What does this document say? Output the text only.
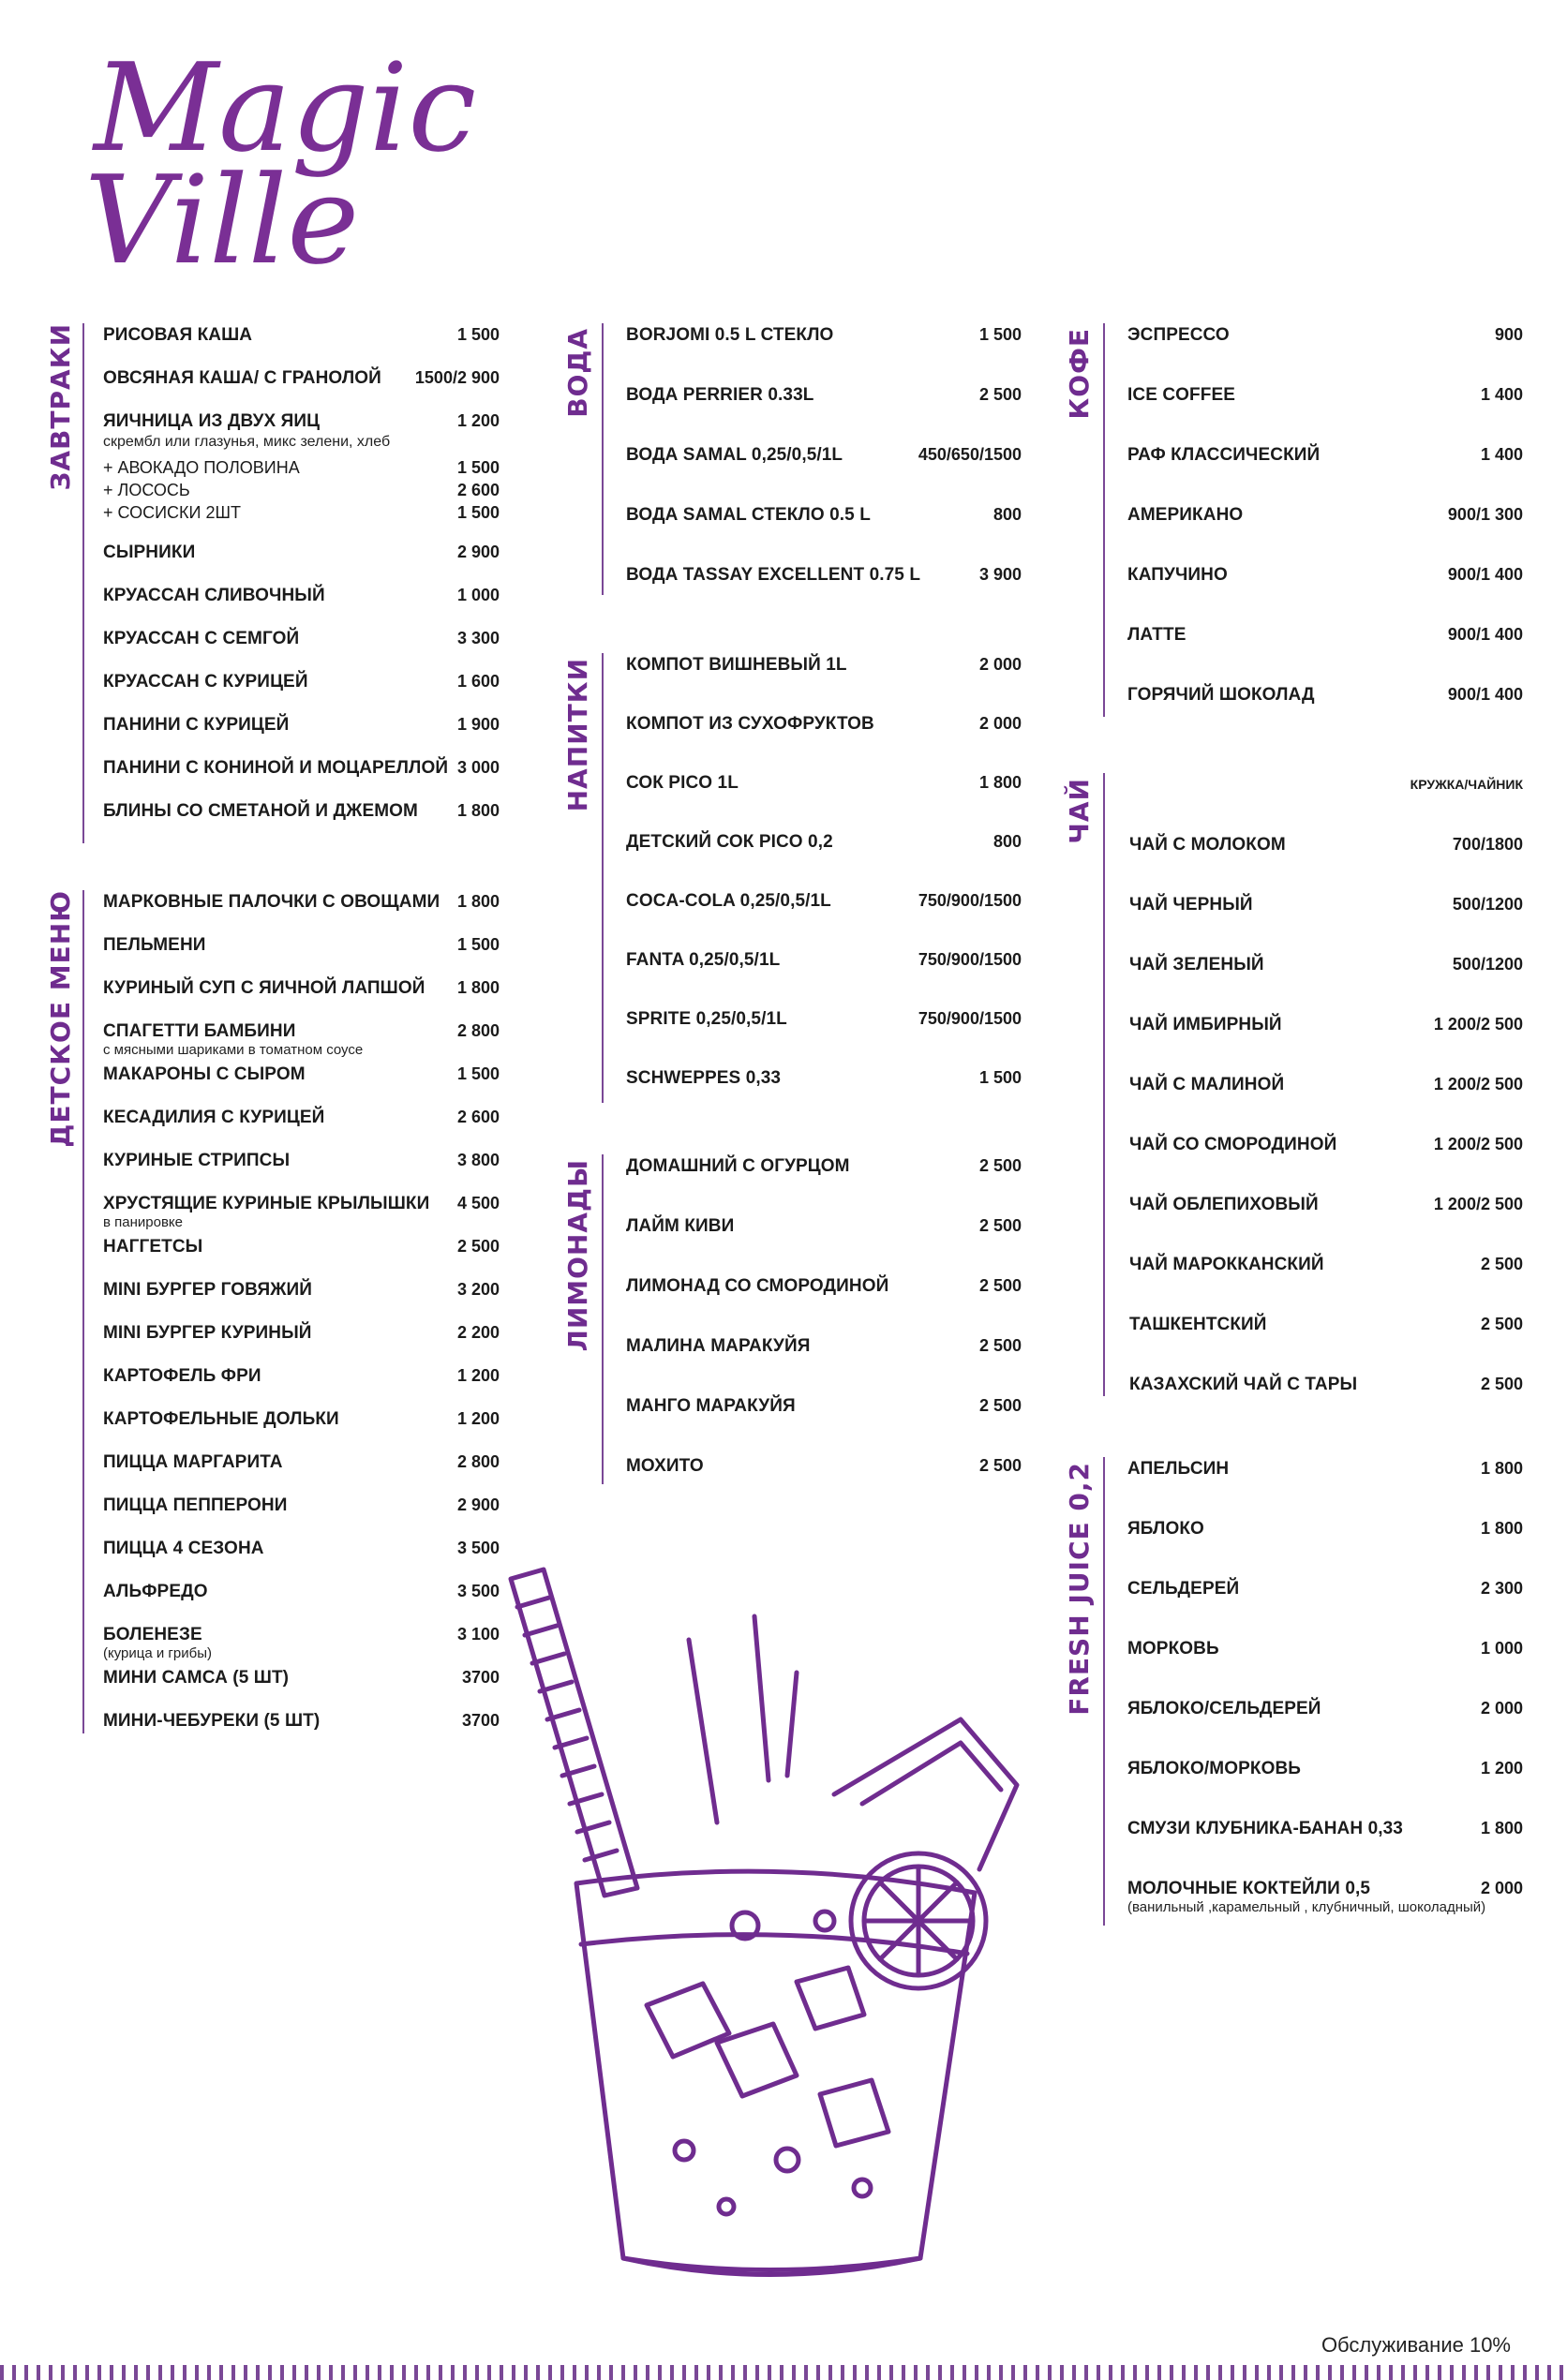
Magic
Ville
ЗАВТРАКИ РИСОВАЯ КАША	1 500
ОВСЯНАЯ КАША/ С ГРАНОЛОЙ 1500/2 900
ЯИЧНИЦА ИЗ ДВУХ ЯИЦ	1 200
скрембл или глазунья, микс зелени, хлеб
+ АВОКАДО ПОЛОВИНА	1 500
+ ЛОСОСЬ	2 600
+ СОСИСКИ 2ШТ	1 500
СЫРНИКИ	2 900
КРУАССАН СЛИВОЧНЫЙ	1 000
КРУАССАН С СЕМГОЙ	3 300
КРУАССАН С КУРИЦЕЙ	1 600
ПАНИНИ С КУРИЦЕЙ	1 900
ПАНИНИ С КОНИНОЙ И МОЦАРЕЛЛОЙ 3 000
БЛИНЫ СО СМЕТАНОЙ И ДЖЕМОМ 1 800
ДЕТСКОЕ МЕНЮ МАРКОВНЫЕ ПАЛОЧКИ С ОВОЩАМИ 1 800
ПЕЛЬМЕНИ	1 500
КУРИНЫЙ СУП С ЯИЧНОЙ ЛАПШОЙ 1 800
СПАГЕТТИ БАМБИНИ	2 800
с мясными шариками в томатном соусе
МАКАРОНЫ С СЫРОМ	1 500
КЕСАДИЛИЯ С КУРИЦЕЙ	2 600
КУРИНЫЕ СТРИПСЫ	3 800
ХРУСТЯЩИЕ КУРИНЫЕ КРЫЛЫШКИ 4 500
в панировке
НАГГЕТСЫ	2 500
MINI БУРГЕР ГОВЯЖИЙ	3 200
MINI БУРГЕР КУРИНЫЙ	2 200
КАРТОФЕЛЬ ФРИ	1 200
КАРТОФЕЛЬНЫЕ ДОЛЬКИ	1 200
ПИЦЦА МАРГАРИТА	2 800
ПИЦЦА ПЕППЕРОНИ	2 900
ПИЦЦА 4 СЕЗОНА	3 500
АЛЬФРЕДО	3 500
БОЛЕНЕЗЕ	3 100
(курица и грибы)
МИНИ САМСА (5 ШТ)	3700
МИНИ-ЧЕБУРЕКИ (5 ШТ)	3700
ВОДА BORJOMI 0.5 L СТЕКЛО	1 500
ВОДА PERRIER 0.33L	2 500
ВОДА SAMAL 0,25/0,5/1L	450/650/1500
ВОДА SAMAL СТЕКЛО 0.5 L	800
ВОДА TASSAY EXCELLENT 0.75 L	3 900
НАПИТКИ КОМПОТ ВИШНЕВЫЙ 1L	2 000
КОМПОТ ИЗ СУХОФРУКТОВ	2 000
СОК PICO 1L	1 800
ДЕТСКИЙ СОК PICO 0,2	800
COCA-COLA 0,25/0,5/1L	750/900/1500
FANTA 0,25/0,5/1L	750/900/1500
SPRITE 0,25/0,5/1L	750/900/1500
SCHWEPPES 0,33	1 500
ЛИМОНАДЫ ДОМАШНИЙ С ОГУРЦОМ	2 500
ЛАЙМ КИВИ	2 500
ЛИМОНАД СО СМОРОДИНОЙ	2 500
МАЛИНА МАРАКУЙЯ	2 500
МАНГО МАРАКУЙЯ	2 500
МОХИТО	2 500
КОФЕ ЭСПРЕССО	900
ICE COFFEE	1 400
РАФ КЛАССИЧЕСКИЙ	1 400
АМЕРИКАНО	900/1 300
КАПУЧИНО	900/1 400
ЛАТТЕ	900/1 400
ГОРЯЧИЙ ШОКОЛАД	900/1 400
ЧАЙ	КРУЖКА/ЧАЙНИК
ЧАЙ С МОЛОКОМ	700/1800
ЧАЙ ЧЕРНЫЙ	500/1200
ЧАЙ ЗЕЛЕНЫЙ	500/1200
ЧАЙ ИМБИРНЫЙ	1 200/2 500
ЧАЙ С МАЛИНОЙ	1 200/2 500
ЧАЙ СО СМОРОДИНОЙ	1 200/2 500
ЧАЙ ОБЛЕПИХОВЫЙ	1 200/2 500
ЧАЙ МАРОККАНСКИЙ	2 500
ТАШКЕНТСКИЙ	2 500
КАЗАХСКИЙ ЧАЙ С ТАРЫ	2 500
FRESH JUICE 0,2 АПЕЛЬСИН	1 800
ЯБЛОКО	1 800
СЕЛЬДЕРЕЙ	2 300
МОРКОВЬ	1 000
ЯБЛОКО/СЕЛЬДЕРЕЙ	2 000
ЯБЛОКО/МОРКОВЬ	1 200
СМУЗИ КЛУБНИКА-БАНАН 0,33	1 800
МОЛОЧНЫЕ КОКТЕЙЛИ 0,5	2 000
(ванильный ,карамельный , клубничный, шоколадный)
Обслуживание 10%
